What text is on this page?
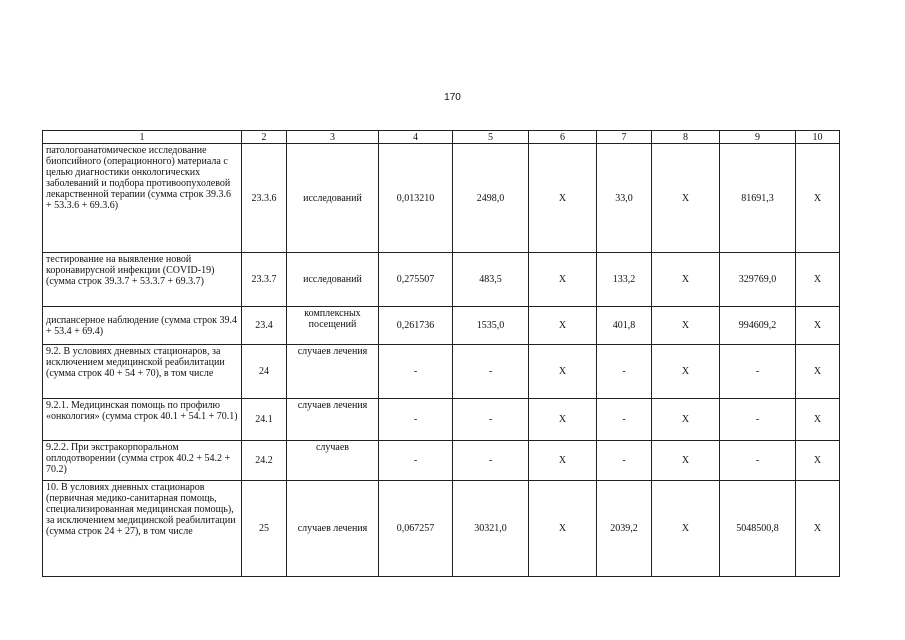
170
1	2	3	4	5	6	7	8	9	10
патологоанатомическое исследование биопсийного (операционного) материала с целью диагностики онкологических заболеваний и подбора противоопухолевой лекарственной терапии (сумма строк 39.3.6 + 53.3.6 + 69.3.6)	23.3.6	исследований	0,013210	2498,0	Х	33,0	Х	81691,3	Х
тестирование на выявление новой коронавирусной инфекции (COVID-19) (сумма строк 39.3.7 + 53.3.7 + 69.3.7)	23.3.7	исследований	0,275507	483,5	Х	133,2	Х	329769,0	Х
диспансерное наблюдение (сумма строк 39.4 + 53.4 + 69.4)	23.4	комплексных посещений	0,261736	1535,0	Х	401,8	Х	994609,2	Х
9.2. В условиях дневных стационаров, за исключением медицинской реабилитации (сумма строк 40 + 54 + 70), в том числе	24	случаев лечения	-	-	Х	-	Х	-	Х
9.2.1. Медицинская помощь по профилю «онкология» (сумма строк 40.1 + 54.1 + 70.1)	24.1	случаев лечения	-	-	Х	-	Х	-	Х
9.2.2. При экстракорпоральном оплодотворении (сумма строк 40.2 + 54.2 + 70.2)	24.2	случаев	-	-	Х	-	Х	-	Х
10. В условиях дневных стационаров (первичная медико-санитарная помощь, специализированная медицинская помощь), за исключением медицинской реабилитации (сумма строк 24 + 27), в том числе	25	случаев лечения	0,067257	30321,0	Х	2039,2	Х	5048500,8	Х
